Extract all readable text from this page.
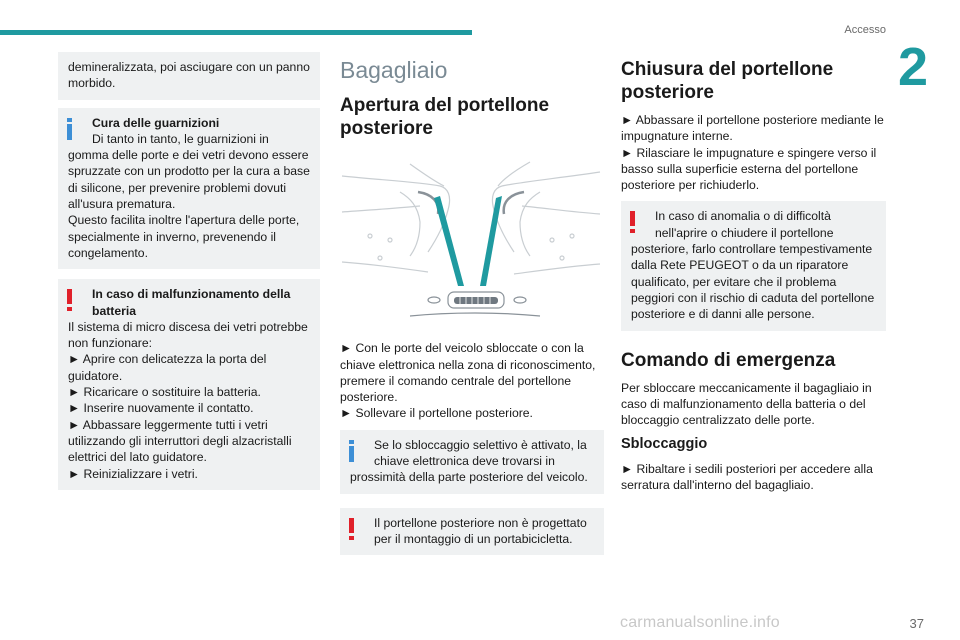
Accesso
2

demineralizzata, poi asciugare con un panno morbido.

Cura delle guarnizioni

Di tanto in tanto, le guarnizioni in

gomma delle porte e dei vetri devono essere spruzzate con un prodotto per la cura a base di silicone, per prevenire problemi dovuti all'usura prematura.

Questo facilita inoltre l'apertura delle porte, specialmente in inverno, prevenendo il congelamento.

In caso di malfunzionamento della batteria

Il sistema di micro discesa dei vetri potrebbe non funzionare:

► Aprire con delicatezza la porta del guidatore.

► Ricaricare o sostituire la batteria.

► Inserire nuovamente il contatto.

► Abbassare leggermente tutti i vetri utilizzando gli interruttori degli alzacristalli elettrici del lato guidatore.

► Reinizializzare i vetri.

Bagagliaio
Apertura del portellone posteriore

► Con le porte del veicolo sbloccate o con la chiave elettronica nella zona di riconoscimento, premere il comando centrale del portellone posteriore.

► Sollevare il portellone posteriore.

Se lo sbloccaggio selettivo è attivato, la chiave elettronica deve trovarsi in

prossimità della parte posteriore del veicolo.

Il portellone posteriore non è progettato per il montaggio di un portabicicletta.

Chiusura del portellone posteriore

► Abbassare il portellone posteriore mediante le impugnature interne.

► Rilasciare le impugnature e spingere verso il basso sulla superficie esterna del portellone posteriore per richiuderlo.

In caso di anomalia o di difficoltà nell'aprire o chiudere il portellone

posteriore, farlo controllare tempestivamente dalla Rete PEUGEOT o da un riparatore qualificato, per evitare che il problema peggiori con il rischio di caduta del portellone posteriore e di danni alle persone.

Comando di emergenza

Per sbloccare meccanicamente il bagagliaio in caso di malfunzionamento della batteria o del bloccaggio centralizzato delle porte.

Sbloccaggio

► Ribaltare i sedili posteriori per accedere alla serratura dall'interno del bagagliaio.

carmanualsonline.info	37
